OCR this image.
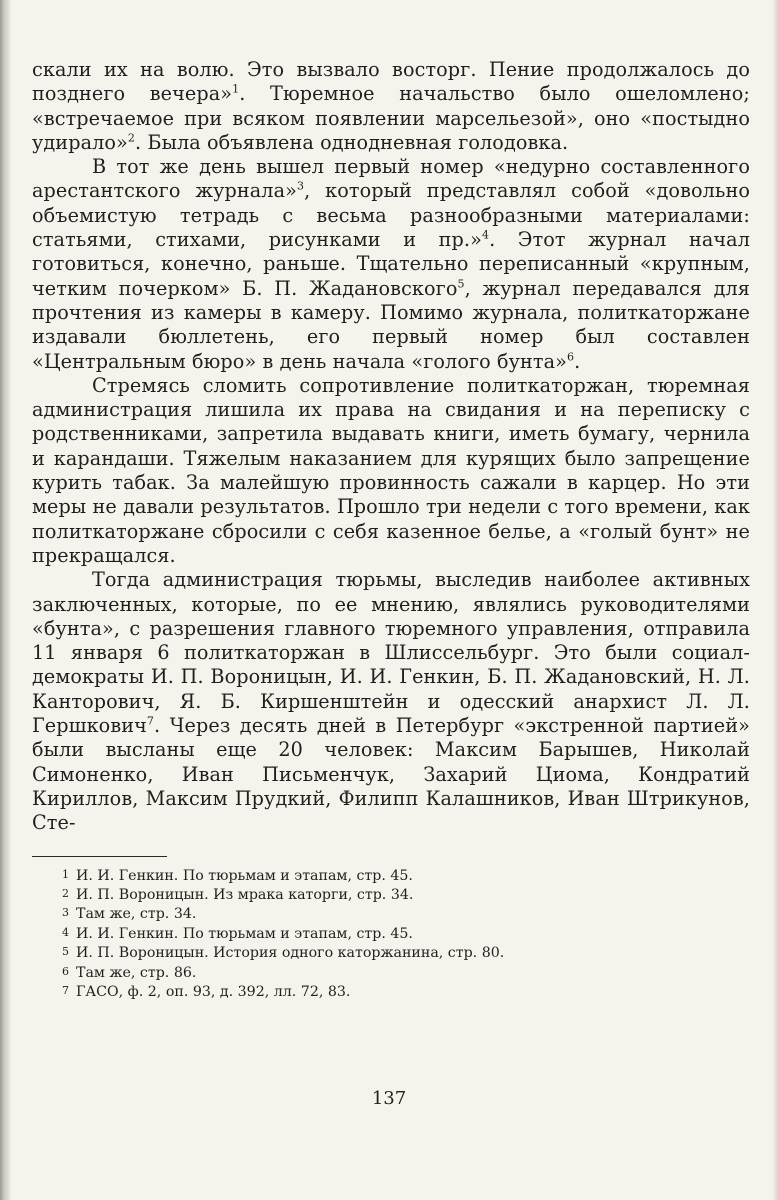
скали их на волю. Это вызвало восторг. Пение продолжалось до позднего вечера»$^1$. Тюремное начальство было ошеломлено; «встречаемое при всяком появлении марсельезой», оно «постыдно удирало»$^2$. Была объявлена однодневная голодовка.

В тот же день вышел первый номер «недурно составленного арестантского журнала»$^3$, который представлял собой «довольно объемистую тетрадь с весьма разнообразными материалами: статьями, стихами, рисунками и пр.»$^4$. Этот журнал начал готовиться, конечно, раньше. Тщательно переписанный «крупным, четким почерком» Б. П. Жадановского$^5$, журнал передавался для прочтения из камеры в камеру. Помимо журнала, политкаторжане издавали бюллетень, его первый номер был составлен «Центральным бюро» в день начала «голого бунта»$^6$.

Стремясь сломить сопротивление политкаторжан, тюремная администрация лишила их права на свидания и на переписку с родственниками, запретила выдавать книги, иметь бумагу, чернила и карандаши. Тяжелым наказанием для курящих было запрещение курить табак. За малейшую провинность сажали в карцер. Но эти меры не давали результатов. Прошло три недели с того времени, как политкаторжане сбросили с себя казенное белье, а «голый бунт» не прекращался.

Тогда администрация тюрьмы, выследив наиболее активных заключенных, которые, по ее мнению, являлись руководителями «бунта», с разрешения главного тюремного управления, отправила 11 января 6 политкаторжан в Шлиссельбург. Это были социал-демократы И. П. Вороницын, И. И. Генкин, Б. П. Жадановский, Н. Л. Канторович, Я. Б. Киршенштейн и одесский анархист Л. Л. Гершкович$^7$. Через десять дней в Петербург «экстренной партией» были высланы еще 20 человек: Максим Барышев, Николай Симоненко, Иван Письменчук, Захарий Циома, Кондратий Кириллов, Максим Прудкий, Филипп Калашников, Иван Штрикунов, Сте-

1 И. И. Генкин. По тюрьмам и этапам, стр. 45.
2 И. П. Вороницын. Из мрака каторги, стр. 34.
3 Там же, стр. 34.
4 И. И. Генкин. По тюрьмам и этапам, стр. 45.
5 И. П. Вороницын. История одного каторжанина, стр. 80.
6 Там же, стр. 86.
7 ГАСО, ф. 2, оп. 93, д. 392, лл. 72, 83.
137
